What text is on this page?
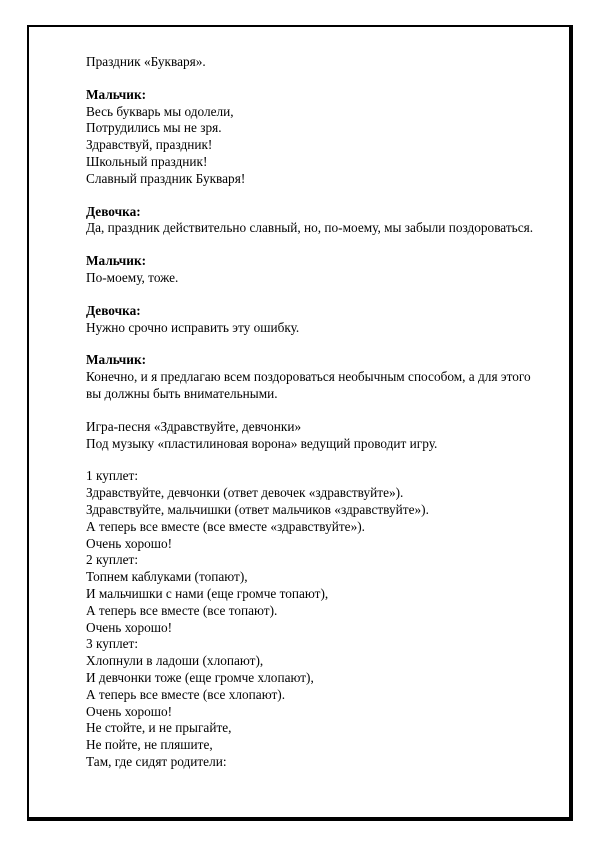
Праздник «Букваря».
Мальчик:
Весь букварь мы одолели,
Потрудились мы не зря.
Здравствуй, праздник!
Школьный праздник!
Славный праздник Букваря!
Девочка:
Да, праздник действительно славный, но, по-моему, мы забыли поздороваться.
Мальчик:
По-моему, тоже.
Девочка:
Нужно срочно исправить эту ошибку.
Мальчик:
Конечно, и я предлагаю всем поздороваться необычным способом, а для этого
вы должны быть внимательными.
Игра-песня «Здравствуйте, девчонки»
Под музыку «пластилиновая ворона» ведущий проводит игру.
1 куплет:
Здравствуйте, девчонки (ответ девочек «здравствуйте»).
Здравствуйте, мальчишки (ответ мальчиков «здравствуйте»).
А теперь все вместе (все вместе «здравствуйте»).
Очень хорошо!
2 куплет:
Топнем каблуками (топают),
И мальчишки с нами (еще громче топают),
А теперь все вместе (все топают).
Очень хорошо!
3 куплет:
Хлопнули в ладоши (хлопают),
И девчонки тоже (еще громче хлопают),
А теперь все вместе (все хлопают).
Очень хорошо!
Не стойте, и не прыгайте,
Не пойте, не пляшите,
Там, где сидят родители:
